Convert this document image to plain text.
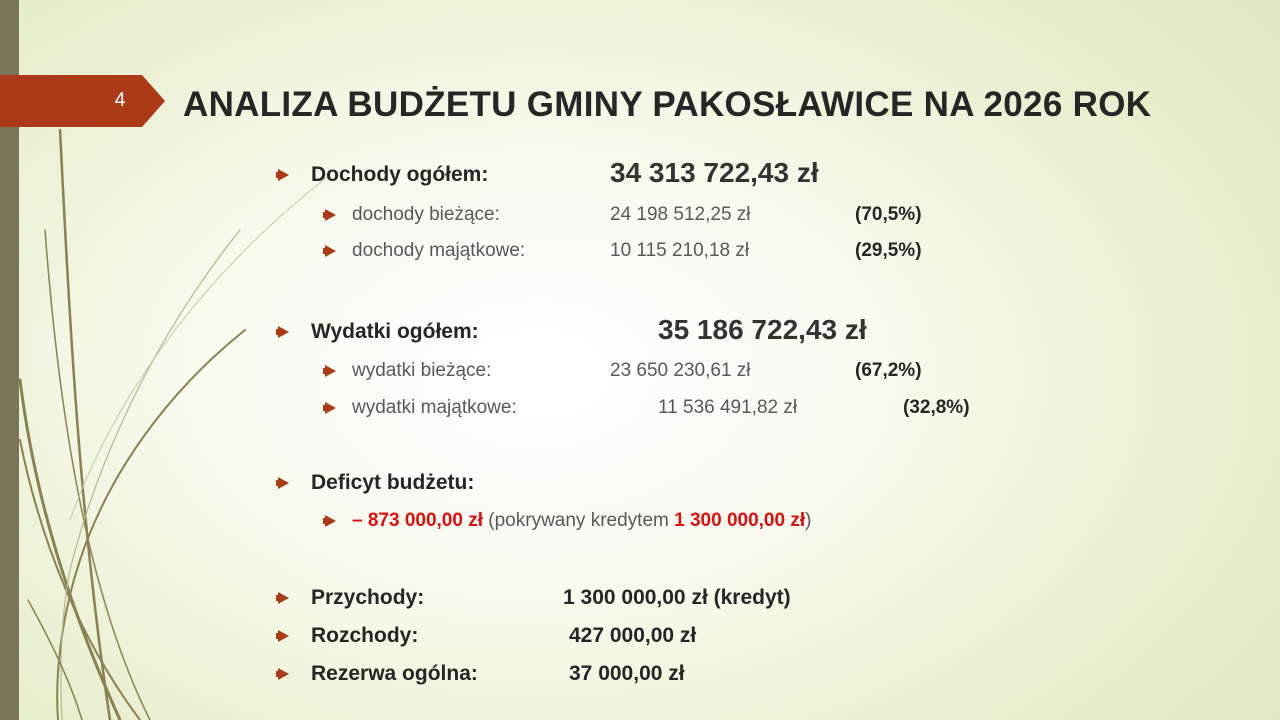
4	ANALIZA BUDŻETU GMINY PAKOSŁAWICE NA 2026 ROK
Dochody ogółem:	34 313 722,43 zł
dochody bieżące:	24 198 512,25 zł	(70,5%)
dochody majątkowe:	10 115 210,18 zł	(29,5%)
Wydatki ogółem:	35 186 722,43 zł
wydatki bieżące:	23 650 230,61 zł	(67,2%)
wydatki majątkowe:	11 536 491,82 zł	(32,8%)
Deficyt budżetu:
– 873 000,00 zł (pokrywany kredytem 1 300 000,00 zł)
Przychody:	1 300 000,00 zł (kredyt)
Rozchody:	427 000,00 zł
Rezerwa ogólna:	37 000,00 zł
